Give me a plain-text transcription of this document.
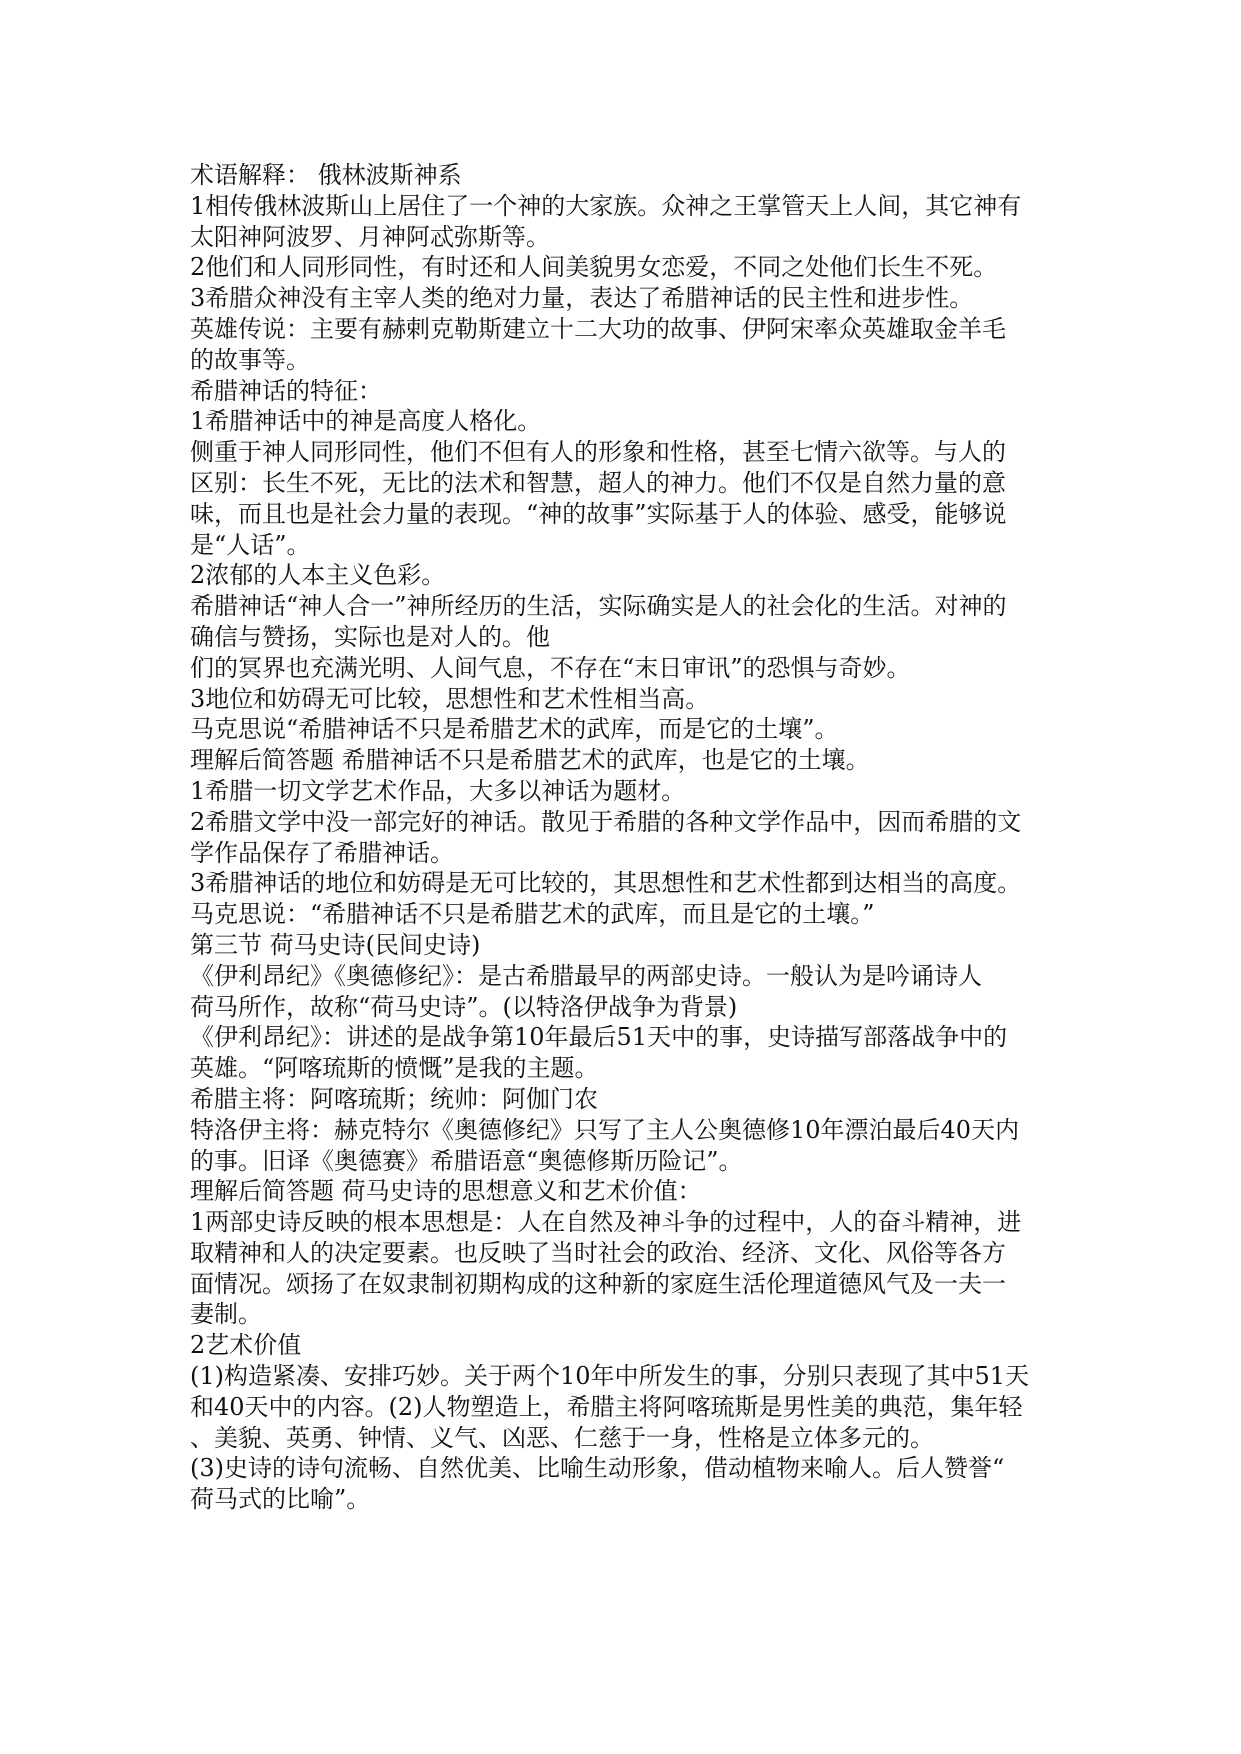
术语解释： 俄林波斯神系
1相传俄林波斯山上居住了一个神的大家族。众神之王掌管天上人间，其它神有
太阳神阿波罗、月神阿忒弥斯等。
2他们和人同形同性，有时还和人间美貌男女恋爱，不同之处他们长生不死。
3希腊众神没有主宰人类的绝对力量，表达了希腊神话的民主性和进步性。
英雄传说：主要有赫剌克勒斯建立十二大功的故事、伊阿宋率众英雄取金羊毛
的故事等。
希腊神话的特征：
1希腊神话中的神是高度人格化。
侧重于神人同形同性，他们不但有人的形象和性格，甚至七情六欲等。与人的
区别：长生不死，无比的法术和智慧，超人的神力。他们不仅是自然力量的意
味，而且也是社会力量的表现。“神的故事”实际基于人的体验、感受，能够说
是“人话”。
2浓郁的人本主义色彩。
希腊神话“神人合一”神所经历的生活，实际确实是人的社会化的生活。对神的
确信与赞扬，实际也是对人的。他
们的冥界也充满光明、人间气息，不存在“末日审讯”的恐惧与奇妙。
3地位和妨碍无可比较，思想性和艺术性相当高。
马克思说“希腊神话不只是希腊艺术的武库，而是它的土壤”。
理解后简答题 希腊神话不只是希腊艺术的武库，也是它的土壤。
1希腊一切文学艺术作品，大多以神话为题材。
2希腊文学中没一部完好的神话。散见于希腊的各种文学作品中，因而希腊的文
学作品保存了希腊神话。
3希腊神话的地位和妨碍是无可比较的，其思想性和艺术性都到达相当的高度。
马克思说：“希腊神话不只是希腊艺术的武库，而且是它的土壤。”
第三节 荷马史诗(民间史诗)
《伊利昂纪》《奥德修纪》：是古希腊最早的两部史诗。一般认为是吟诵诗人
荷马所作，故称“荷马史诗”。(以特洛伊战争为背景)
《伊利昂纪》：讲述的是战争第10年最后51天中的事，史诗描写部落战争中的
英雄。“阿喀琉斯的愤慨”是我的主题。
希腊主将：阿喀琉斯；统帅：阿伽门农
特洛伊主将：赫克特尔《奥德修纪》只写了主人公奥德修10年漂泊最后40天内
的事。旧译《奥德赛》希腊语意“奥德修斯历险记”。
理解后简答题 荷马史诗的思想意义和艺术价值：
1两部史诗反映的根本思想是：人在自然及神斗争的过程中，人的奋斗精神，进
取精神和人的决定要素。也反映了当时社会的政治、经济、文化、风俗等各方
面情况。颂扬了在奴隶制初期构成的这种新的家庭生活伦理道德风气及一夫一
妻制。
2艺术价值
(1)构造紧凑、安排巧妙。关于两个10年中所发生的事，分别只表现了其中51天
和40天中的内容。(2)人物塑造上，希腊主将阿喀琉斯是男性美的典范，集年轻
、美貌、英勇、钟情、义气、凶恶、仁慈于一身，性格是立体多元的。
(3)史诗的诗句流畅、自然优美、比喻生动形象，借动植物来喻人。后人赞誉“
荷马式的比喻”。
